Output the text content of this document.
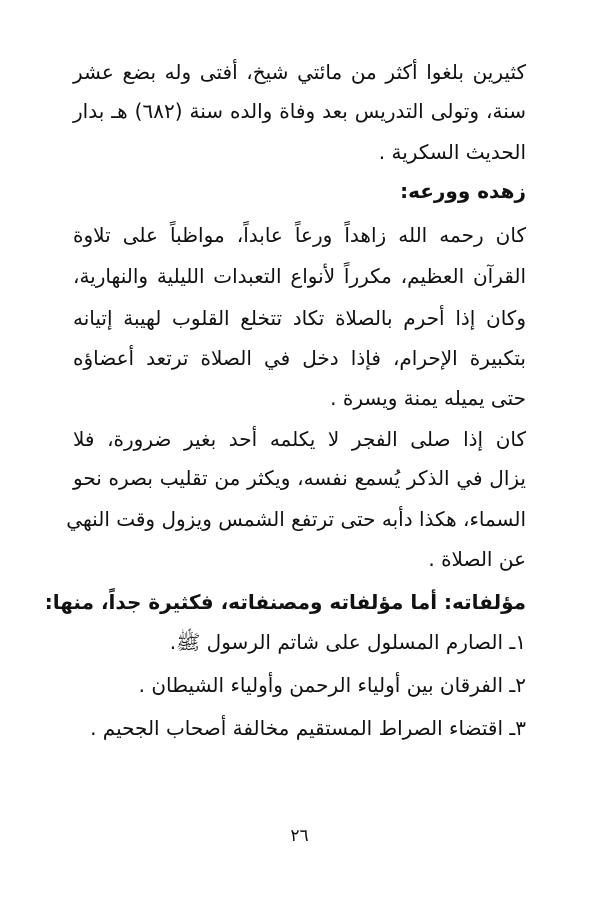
كثيرين بلغوا أكثر من مائتي شيخ، أفتى وله بضع عشر
سنة، وتولى التدريس بعد وفاة والده سنة (٦٨٢) هـ بدار
الحديث السكرية .
زهده وورعه:
كان رحمه الله زاهداً ورعاً عابداً، مواظباً على تلاوة
القرآن العظيم، مكرراً لأنواع التعبدات الليلية والنهارية،
وكان إذا أحرم بالصلاة تكاد تتخلع القلوب لهيبة إتيانه
بتكبيرة الإحرام، فإذا دخل في الصلاة ترتعد أعضاؤه
حتى يميله يمنة ويسرة .
كان إذا صلى الفجر لا يكلمه أحد بغير ضرورة، فلا
يزال في الذكر يُسمع نفسه، ويكثر من تقليب بصره نحو
السماء، هكذا دأبه حتى ترتفع الشمس ويزول وقت النهي
عن الصلاة .
مؤلفاته: أما مؤلفاته ومصنفاته، فكثيرة جداً، منها:
١ـ الصارم المسلول على شاتم الرسول ﷺ.
٢ـ الفرقان بين أولياء الرحمن وأولياء الشيطان .
٣ـ اقتضاء الصراط المستقيم مخالفة أصحاب الجحيم .
٢٦
